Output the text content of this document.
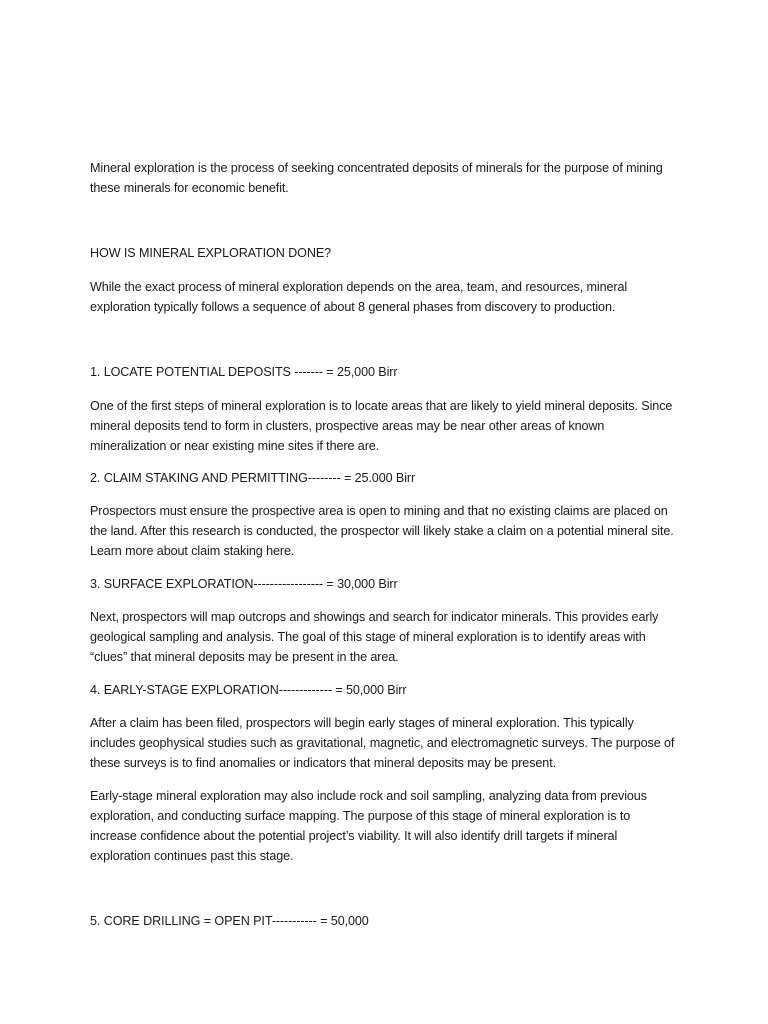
Mineral exploration is the process of seeking concentrated deposits of minerals for the purpose of mining these minerals for economic benefit.

HOW IS MINERAL EXPLORATION DONE?

While the exact process of mineral exploration depends on the area, team, and resources, mineral exploration typically follows a sequence of about 8 general phases from discovery to production.

1. LOCATE POTENTIAL DEPOSITS ------- = 25,000 Birr

One of the first steps of mineral exploration is to locate areas that are likely to yield mineral deposits. Since mineral deposits tend to form in clusters, prospective areas may be near other areas of known mineralization or near existing mine sites if there are.

2. CLAIM STAKING AND PERMITTING-------- = 25.000 Birr

Prospectors must ensure the prospective area is open to mining and that no existing claims are placed on the land. After this research is conducted, the prospector will likely stake a claim on a potential mineral site. Learn more about claim staking here.

3. SURFACE EXPLORATION----------------- = 30,000 Birr

Next, prospectors will map outcrops and showings and search for indicator minerals. This provides early geological sampling and analysis. The goal of this stage of mineral exploration is to identify areas with “clues” that mineral deposits may be present in the area.

4. EARLY-STAGE EXPLORATION------------- = 50,000 Birr

After a claim has been filed, prospectors will begin early stages of mineral exploration. This typically includes geophysical studies such as gravitational, magnetic, and electromagnetic surveys. The purpose of these surveys is to find anomalies or indicators that mineral deposits may be present.

Early-stage mineral exploration may also include rock and soil sampling, analyzing data from previous exploration, and conducting surface mapping. The purpose of this stage of mineral exploration is to increase confidence about the potential project’s viability. It will also identify drill targets if mineral exploration continues past this stage.

5. CORE DRILLING = OPEN PIT----------- = 50,000
